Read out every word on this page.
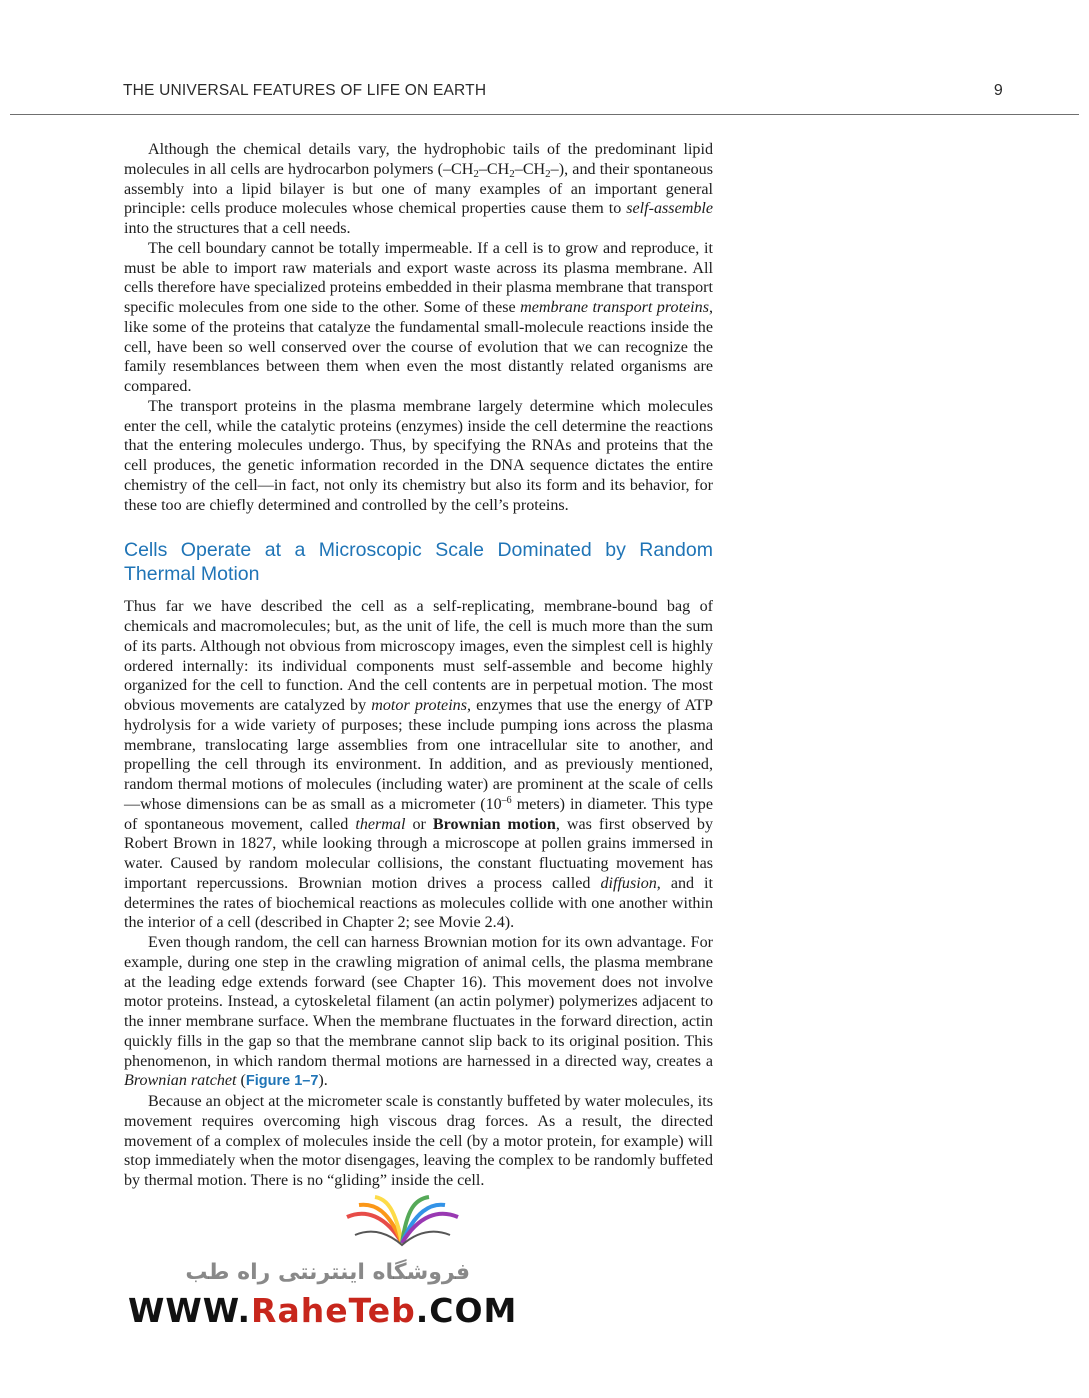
THE UNIVERSAL FEATURES OF LIFE ON EARTH	9

Although the chemical details vary, the hydrophobic tails of the predominant lipid molecules in all cells are hydrocarbon polymers $(-CH_2-CH_2-CH_2-)$, and their spontaneous assembly into a lipid bilayer is but one of many examples of an important general principle: cells produce molecules whose chemical properties cause them to self-assemble into the structures that a cell needs.

The cell boundary cannot be totally impermeable. If a cell is to grow and reproduce, it must be able to import raw materials and export waste across its plasma membrane. All cells therefore have specialized proteins embedded in their plasma membrane that transport specific molecules from one side to the other. Some of these membrane transport proteins, like some of the proteins that catalyze the fundamental small-molecule reactions inside the cell, have been so well conserved over the course of evolution that we can recognize the family resemblances between them when even the most distantly related organisms are compared.

The transport proteins in the plasma membrane largely determine which molecules enter the cell, while the catalytic proteins (enzymes) inside the cell determine the reactions that the entering molecules undergo. Thus, by specifying the RNAs and proteins that the cell produces, the genetic information recorded in the DNA sequence dictates the entire chemistry of the cell—in fact, not only its chemistry but also its form and its behavior, for these too are chiefly determined and controlled by the cell’s proteins.

Cells Operate at a Microscopic Scale Dominated by Random Thermal Motion

Thus far we have described the cell as a self-replicating, membrane-bound bag of chemicals and macromolecules; but, as the unit of life, the cell is much more than the sum of its parts. Although not obvious from microscopy images, even the simplest cell is highly ordered internally: its individual components must self-assemble and become highly organized for the cell to function. And the cell contents are in perpetual motion. The most obvious movements are catalyzed by motor proteins, enzymes that use the energy of ATP hydrolysis for a wide variety of purposes; these include pumping ions across the plasma membrane, translocating large assemblies from one intracellular site to another, and propelling the cell through its environment. In addition, and as previously mentioned, random thermal motions of molecules (including water) are prominent at the scale of cells—whose dimensions can be as small as a micrometer ($10^{-6}$ meters) in diameter. This type of spontaneous movement, called thermal or Brownian motion, was first observed by Robert Brown in 1827, while looking through a microscope at pollen grains immersed in water. Caused by random molecular collisions, the constant fluctuating movement has important repercussions. Brownian motion drives a process called diffusion, and it determines the rates of biochemical reactions as molecules collide with one another within the interior of a cell (described in Chapter 2; see Movie 2.4).

Even though random, the cell can harness Brownian motion for its own advantage. For example, during one step in the crawling migration of animal cells, the plasma membrane at the leading edge extends forward (see Chapter 16). This movement does not involve motor proteins. Instead, a cytoskeletal filament (an actin polymer) polymerizes adjacent to the inner membrane surface. When the membrane fluctuates in the forward direction, actin quickly fills in the gap so that the membrane cannot slip back to its original position. This phenomenon, in which random thermal motions are harnessed in a directed way, creates a Brownian ratchet (Figure 1–7).

Because an object at the micrometer scale is constantly buffeted by water molecules, its movement requires overcoming high viscous drag forces. As a result, the directed movement of a complex of molecules inside the cell (by a motor protein, for example) will stop immediately when the motor disengages, leaving the complex to be randomly buffeted by thermal motion. There is no “gliding” inside the cell.

فروشگاه اینترنتی راه طب
WWW.RaheTeb.COM
